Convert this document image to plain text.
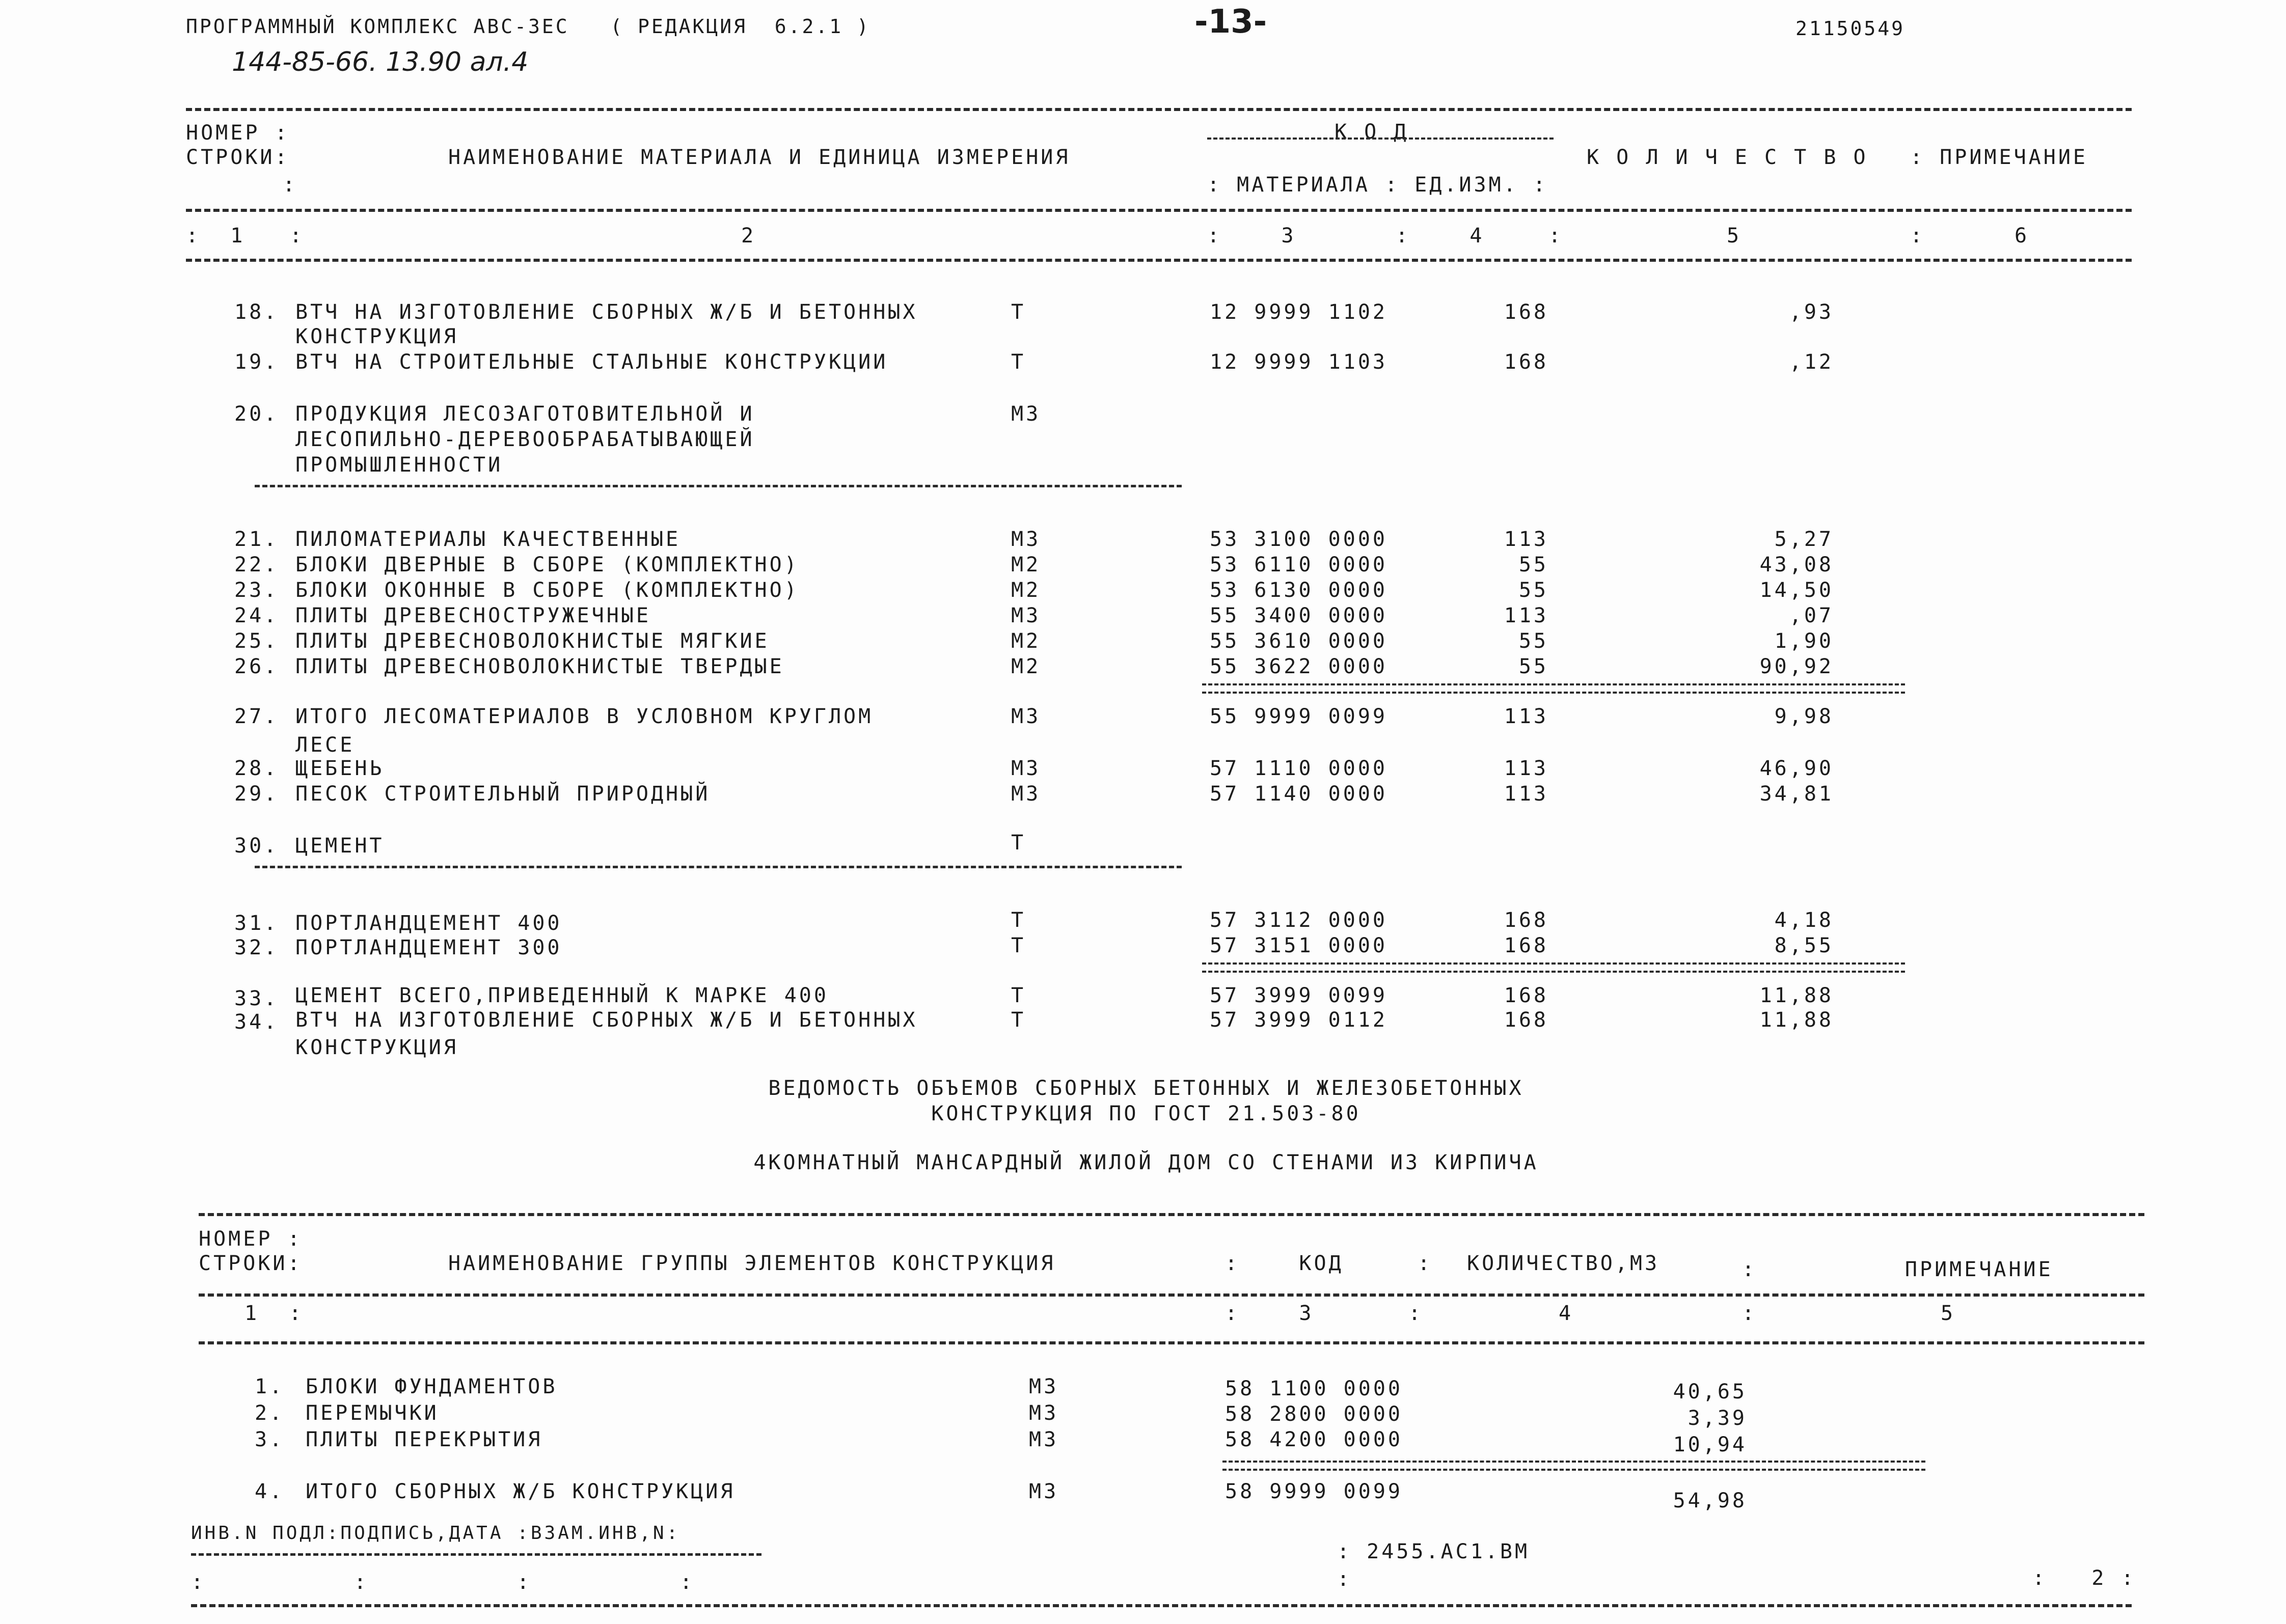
ПРОГРАММНЫЙ КОМПЛЕКС АВС-ЗЕС   ( РЕДАКЦИЯ  6.2.1 )	-13-	21150549
144-85-66. 13.90 ал.4
НОМЕР :
СТРОКИ:
:
НАИМЕНОВАНИЕ МАТЕРИАЛА И ЕДИНИЦА ИЗМЕРЕНИЯ
К О Д
: МАТЕРИАЛА : ЕД.ИЗМ. :
К О Л И Ч Е С Т В О : ПРИМЕЧАНИЕ
:  1   :	2	:    3	:    4	:	5	:	6
18. ВТЧ НА ИЗГОТОВЛЕНИЕ СБОРНЫХ Ж/Б И БЕТОННЫХ	Т	12 9999 1102	168	,93
КОНСТРУКЦИЯ
19. ВТЧ НА СТРОИТЕЛЬНЫЕ СТАЛЬНЫЕ КОНСТРУКЦИИ	Т	12 9999 1103	168	,12
20. ПРОДУКЦИЯ ЛЕСОЗАГОТОВИТЕЛЬНОЙ И	М3
ЛЕСОПИЛЬНО-ДЕРЕВООБРАБАТЫВАЮЩЕЙ
ПРОМЫШЛЕННОСТИ
21. ПИЛОМАТЕРИАЛЫ КАЧЕСТВЕННЫЕ	М3	53 3100 0000	113	5,27
22. БЛОКИ ДВЕРНЫЕ В СБОРЕ (КОМПЛЕКТНО)	М2	53 6110 0000	55	43,08
23. БЛОКИ ОКОННЫЕ В СБОРЕ (КОМПЛЕКТНО)	М2	53 6130 0000	55	14,50
24. ПЛИТЫ ДРЕВЕСНОСТРУЖЕЧНЫЕ	М3	55 3400 0000	113	,07
25. ПЛИТЫ ДРЕВЕСНОВОЛОКНИСТЫЕ МЯГКИЕ	М2	55 3610 0000	55	1,90
26. ПЛИТЫ ДРЕВЕСНОВОЛОКНИСТЫЕ ТВЕРДЫЕ	М2	55 3622 0000	55	90,92
27. ИТОГО ЛЕСОМАТЕРИАЛОВ В УСЛОВНОМ КРУГЛОМ	М3	55 9999 0099	113	9,98
ЛЕСЕ
28. ЩЕБЕНЬ	М3	57 1110 0000	113	46,90
29. ПЕСОК СТРОИТЕЛЬНЫЙ ПРИРОДНЫЙ	М3	57 1140 0000	113	34,81
30. ЦЕМЕНТ	Т
31. ПОРТЛАНДЦЕМЕНТ 400	Т	57 3112 0000	168	4,18
32. ПОРТЛАНДЦЕМЕНТ 300	Т	57 3151 0000	168	8,55
33. ЦЕМЕНТ ВСЕГО,ПРИВЕДЕННЫЙ К МАРКЕ 400	Т	57 3999 0099	168	11,88
34. ВТЧ НА ИЗГОТОВЛЕНИЕ СБОРНЫХ Ж/Б И БЕТОННЫХ	Т	57 3999 0112	168	11,88
КОНСТРУКЦИЯ
ВЕДОМОСТЬ ОБЪЕМОВ СБОРНЫХ БЕТОННЫХ И ЖЕЛЕЗОБЕТОННЫХ
КОНСТРУКЦИЯ ПО ГОСТ 21.503-80
4КОМНАТНЫЙ МАНСАРДНЫЙ ЖИЛОЙ ДОМ СО СТЕНАМИ ИЗ КИРПИЧА
НОМЕР :
СТРОКИ:	НАИМЕНОВАНИЕ ГРУППЫ ЭЛЕМЕНТОВ КОНСТРУКЦИЯ	:    КОД     : КОЛИЧЕСТВО,М3	:          ПРИМЕЧАНИЕ
1  :	:    3	:	4	:	5
1. БЛОКИ ФУНДАМЕНТОВ	М3	58 1100 0000	40,65
2. ПЕРЕМЫЧКИ	М3	58 2800 0000	3,39
3. ПЛИТЫ ПЕРЕКРЫТИЯ	М3	58 4200 0000	10,94
4. ИТОГО СБОРНЫХ Ж/Б КОНСТРУКЦИЯ	М3	58 9999 0099	54,98
ИНВ.N ПОДЛ:ПОДПИСЬ,ДАТА :ВЗАМ.ИНВ,N:
: 2455.АС1.ВМ
:          :          :          :	:   2 :
:
